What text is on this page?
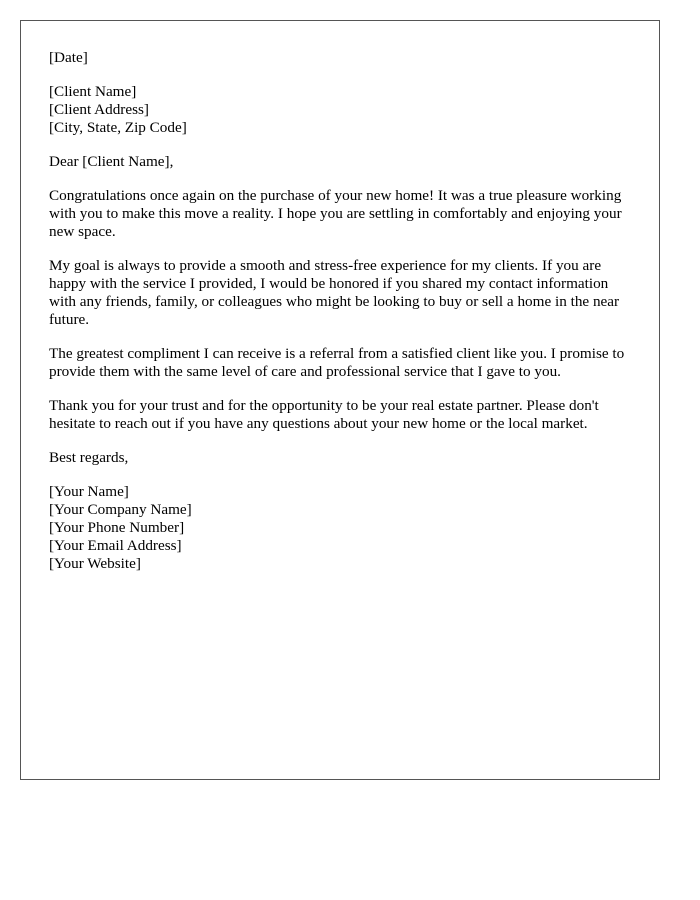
[Date]
[Client Name]
[Client Address]
[City, State, Zip Code]
Dear [Client Name],
Congratulations once again on the purchase of your new home! It was a true pleasure working with you to make this move a reality. I hope you are settling in comfortably and enjoying your new space.
My goal is always to provide a smooth and stress-free experience for my clients. If you are happy with the service I provided, I would be honored if you shared my contact information with any friends, family, or colleagues who might be looking to buy or sell a home in the near future.
The greatest compliment I can receive is a referral from a satisfied client like you. I promise to provide them with the same level of care and professional service that I gave to you.
Thank you for your trust and for the opportunity to be your real estate partner. Please don't hesitate to reach out if you have any questions about your new home or the local market.
Best regards,
[Your Name]
[Your Company Name]
[Your Phone Number]
[Your Email Address]
[Your Website]
